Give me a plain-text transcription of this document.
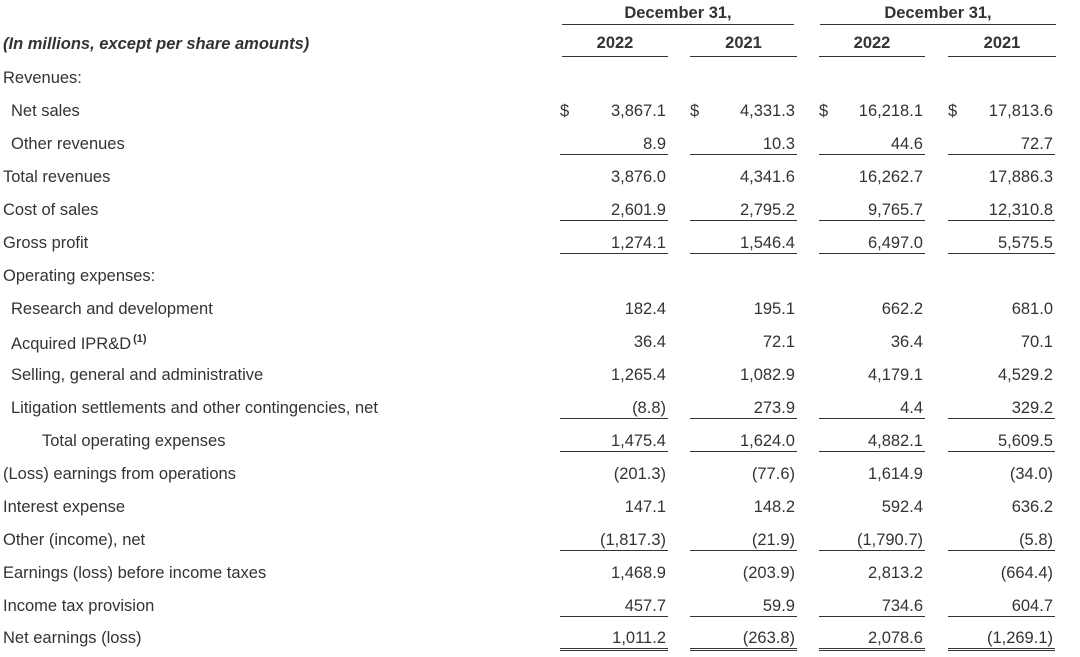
December 31,	December 31,
(In millions, except per share amounts)	2022	2021	2022	2021
Revenues:
Net sales	$	3,867.1 $ 4,331.3 $ 16,218.1 $ 17,813.6
Other revenues	8.9	10.3	44.6	72.7
Total revenues	3,876.0	4,341.6	16,262.7	17,886.3
Cost of sales	2,601.9	2,795.2	9,765.7	12,310.8
Gross profit	1,274.1	1,546.4	6,497.0	5,575.5
Operating expenses:
Research and development	182.4	195.1	662.2	681.0
Acquired IPR&D $^{(1)}$	36.4	72.1	36.4	70.1
Selling, general and administrative	1,265.4	1,082.9	4,179.1	4,529.2
Litigation settlements and other contingencies, net	(8.8)	273.9	4.4	329.2
Total operating expenses	1,475.4	1,624.0	4,882.1	5,609.5
(Loss) earnings from operations	(201.3)	(77.6)	1,614.9	(34.0)
Interest expense	147.1	148.2	592.4	636.2
Other (income), net	(1,817.3)	(21.9)	(1,790.7)	(5.8)
Earnings (loss) before income taxes	1,468.9	(203.9)	2,813.2	(664.4)
Income tax provision	457.7	59.9	734.6	604.7
Net earnings (loss)	1,011.2	(263.8)	2,078.6	(1,269.1)
